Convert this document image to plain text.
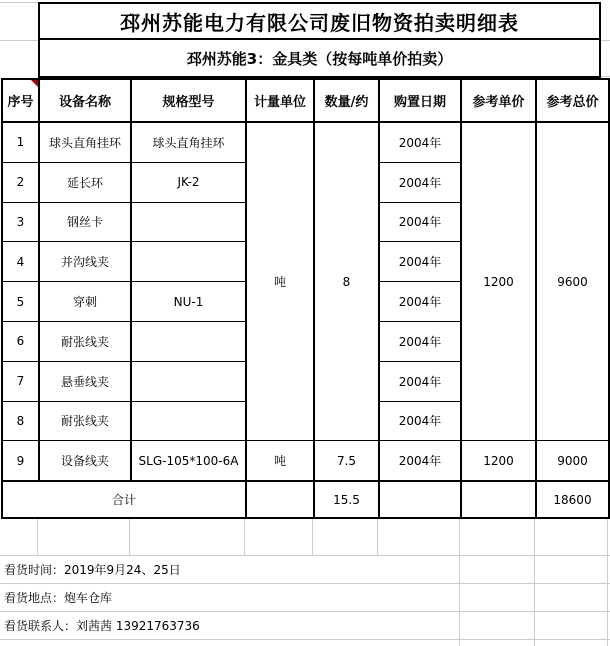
邳州苏能电力有限公司废旧物资拍卖明细表
邳州苏能3：金具类（按每吨单价拍卖）
序号	设备名称	规格型号	计量单位	数量/约	购置日期	参考单价	参考总价
1	球头直角挂环	球头直角挂环	吨	8	2004年	1200	9600
2	延长环	JK-2			2004年		
3	钢丝卡				2004年		
4	并沟线夹				2004年		
5	穿刺	NU-1			2004年		
6	耐张线夹				2004年		
7	悬垂线夹				2004年		
8	耐张线夹				2004年		
9	设备线夹	SLG-105*100-6A	吨	7.5	2004年	1200	9000
合计				15.5			18600
看货时间：2019年9月24、25日
看货地点：炮车仓库
看货联系人：刘茜茜 13921763736
